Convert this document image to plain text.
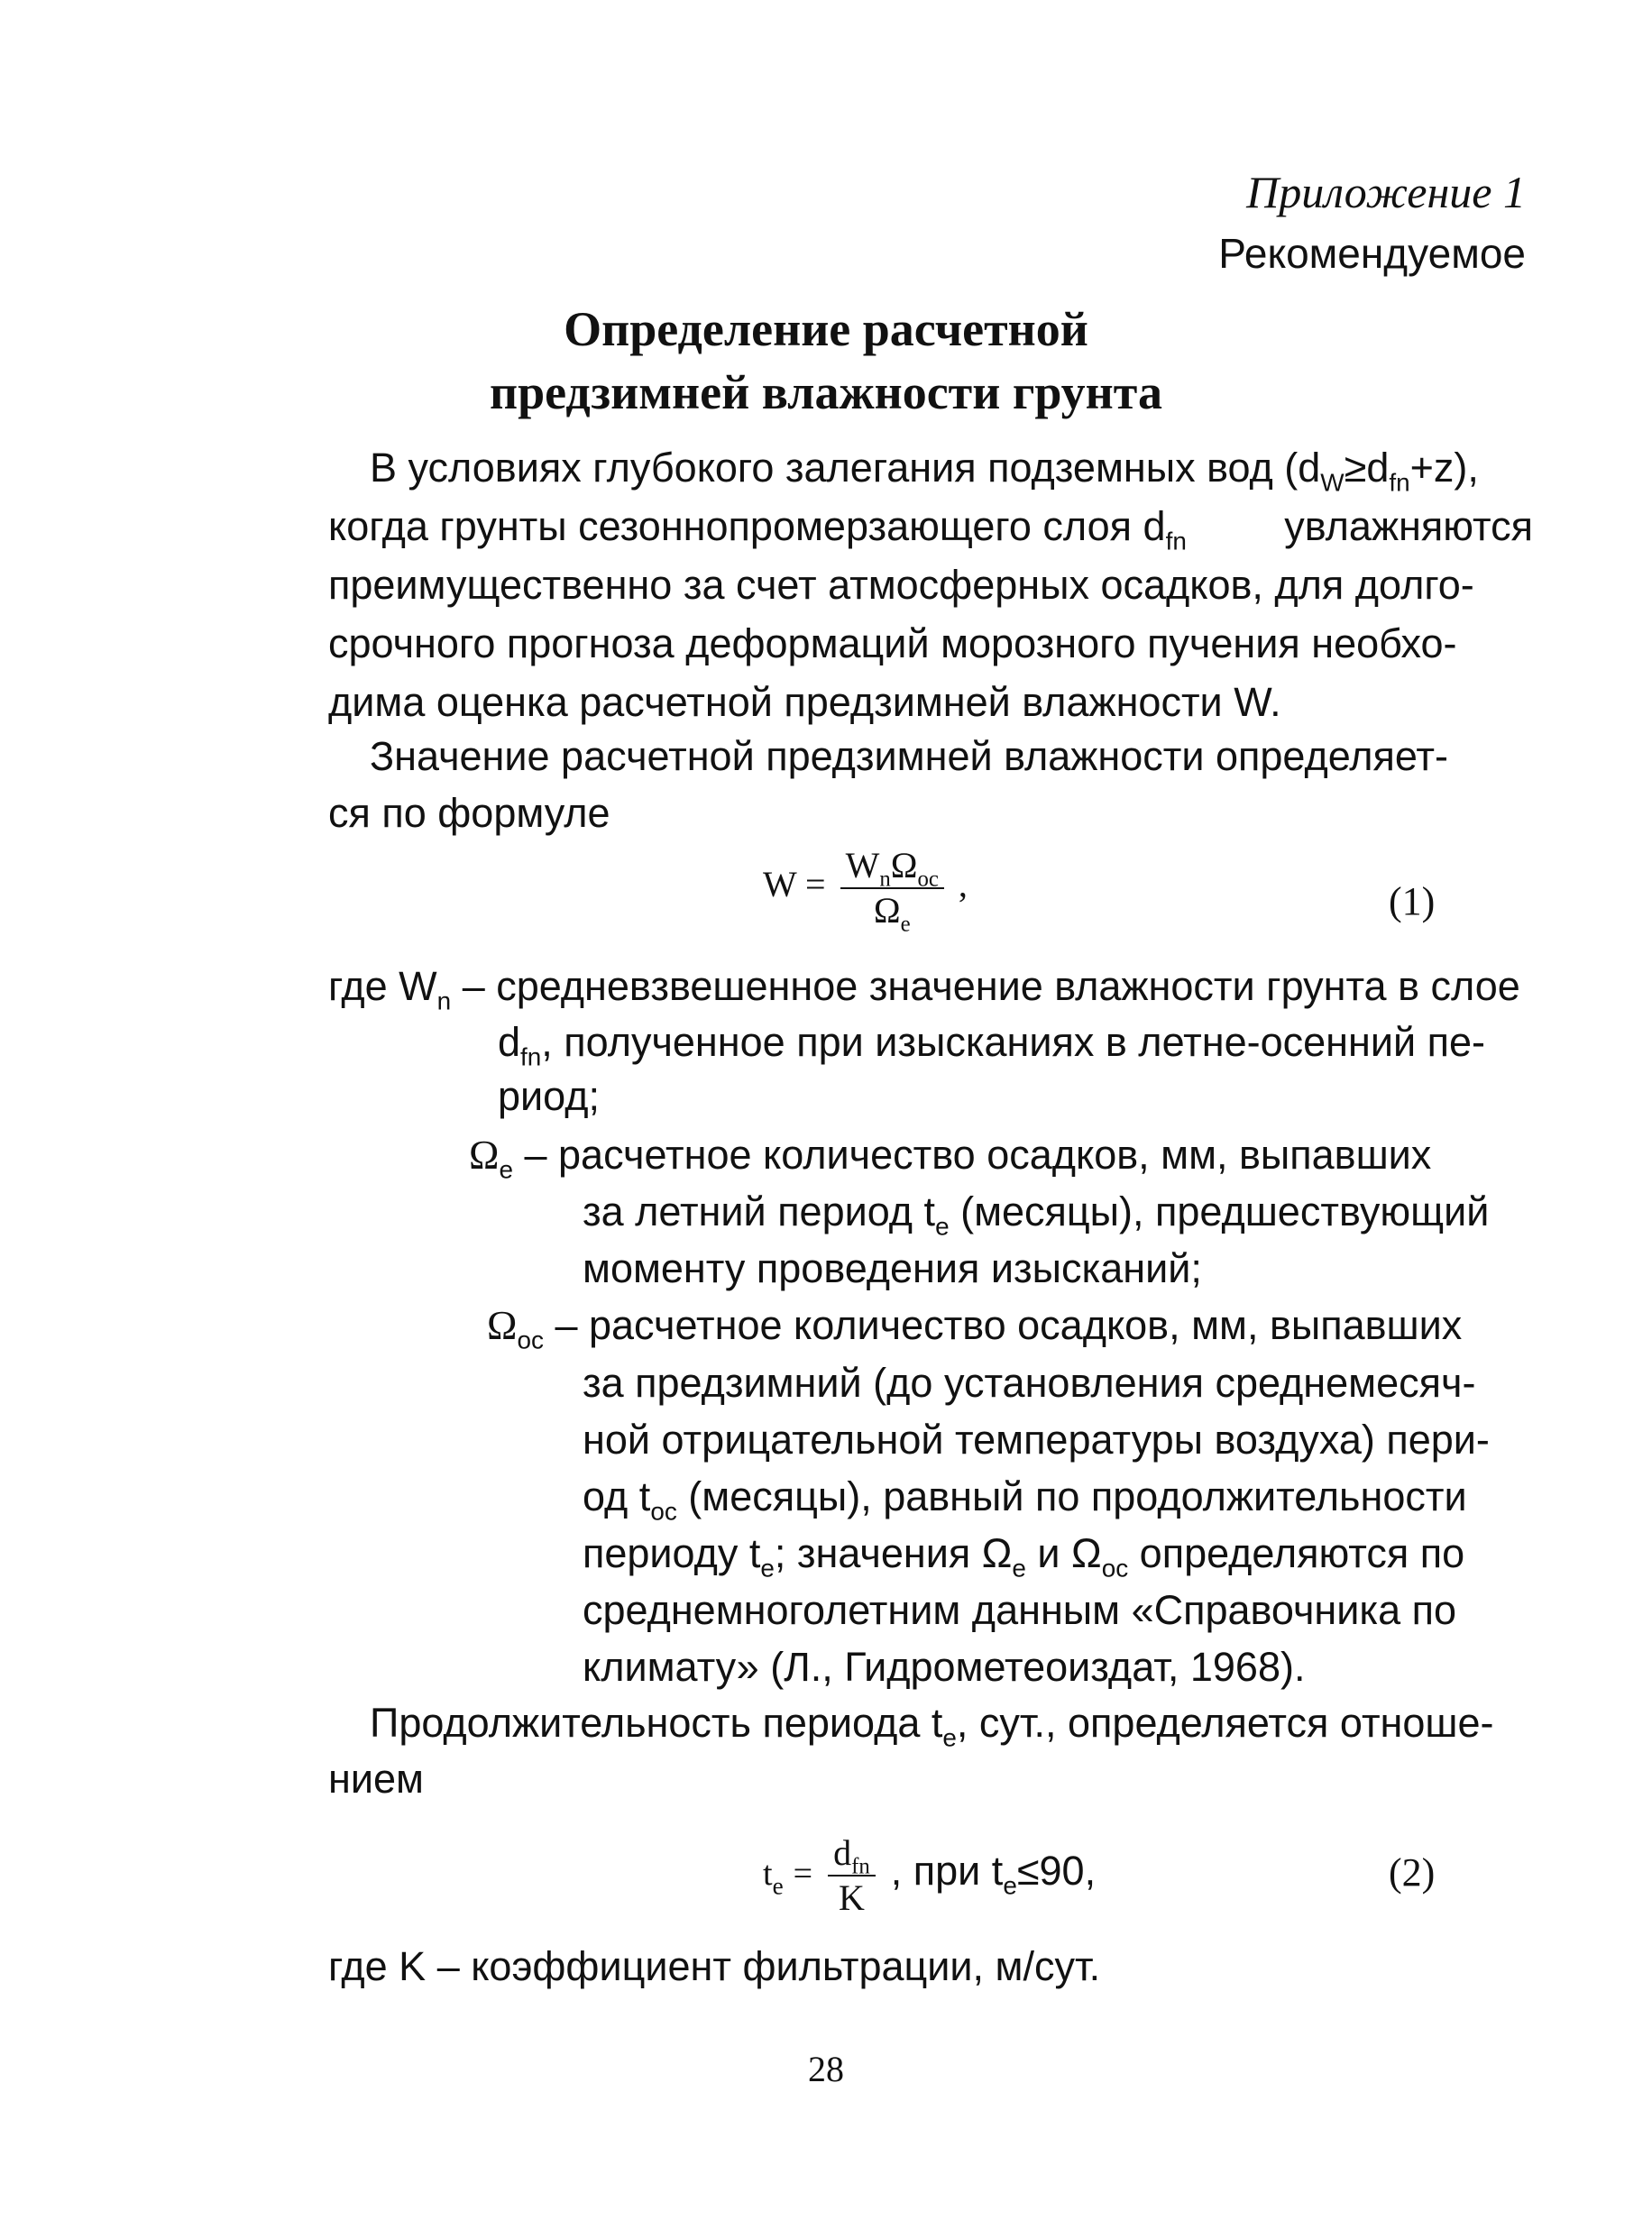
Приложение 1
Рекомендуемое
Определение расчетной
предзимней влажности грунта
В условиях глубокого залегания подземных вод $(d_W\ge d_{fn}+z)$,
когда грунты сезоннопромерзающего слоя $d_{fn}$ увлажняются
преимущественно за счет атмосферных осадков, для долго-
срочного прогноза деформаций морозного пучения необхо-
дима оценка расчетной предзимней влажности W.
Значение расчетной предзимней влажности определяет-
ся по формуле
$W = \frac{W_n\Omega_{oc}}{\Omega_e}$ ,	(1)
где $W_n$ – средневзвешенное значение влажности грунта в слое
$d_{fn}$, полученное при изысканиях в летне-осенний пе-
риод;
$\Omega_e$ – расчетное количество осадков, мм, выпавших
за летний период $t_e$ (месяцы), предшествующий
моменту проведения изысканий;
$\Omega_{oc}$ – расчетное количество осадков, мм, выпавших
за предзимний (до установления среднемесяч-
ной отрицательной температуры воздуха) пери-
од $t_{oc}$ (месяцы), равный по продолжительности
периоду $t_e$; значения $\Omega_e$ и $\Omega_{oc}$ определяются по
среднемноголетним данным «Справочника по
климату» (Л., Гидрометеоиздат, 1968).
Продолжительность периода $t_e$, сут., определяется отноше-
нием
$t_e = \frac{d_{fn}}{K}$ , при $t_e\le 90$,	(2)
где K – коэффициент фильтрации, м/сут.
28
